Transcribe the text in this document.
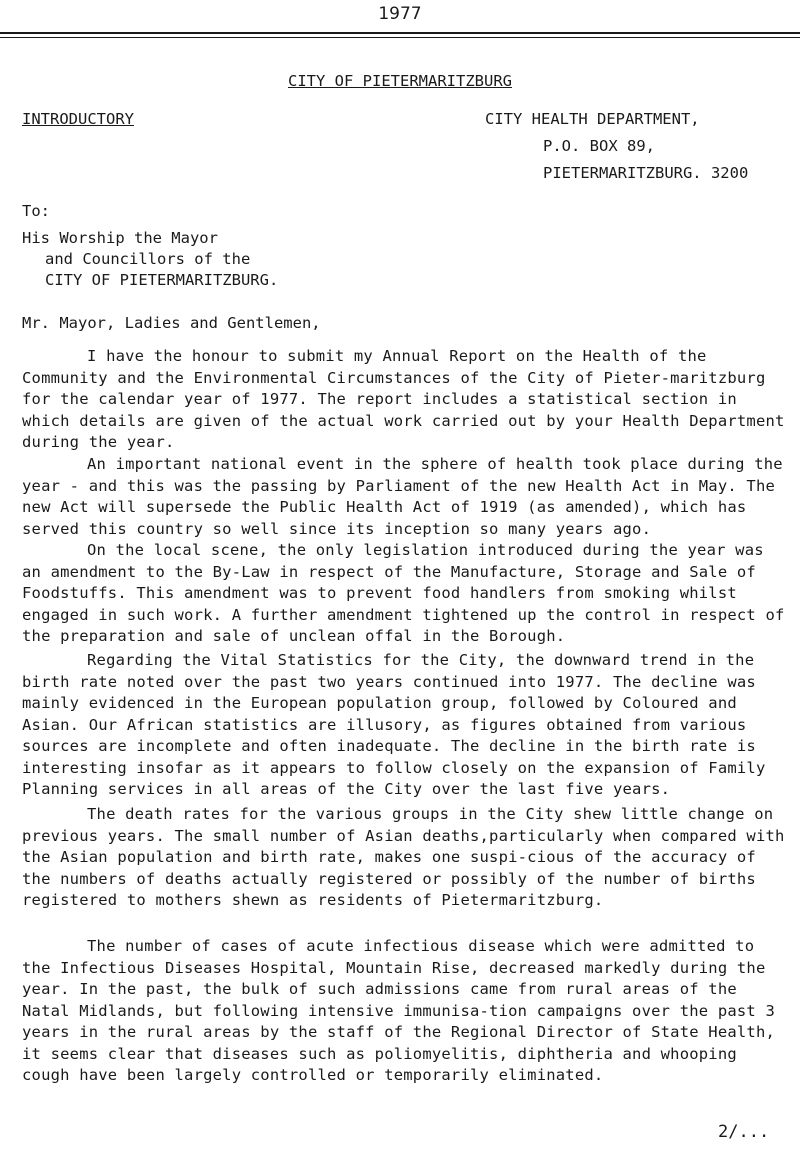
1977
CITY OF PIETERMARITZBURG
INTRODUCTORY	CITY HEALTH DEPARTMENT,
P.O. BOX 89,
PIETERMARITZBURG. 3200
To:
His Worship the Mayor
and Councillors of the
CITY OF PIETERMARITZBURG.
Mr. Mayor, Ladies and Gentlemen,

I have the honour to submit my Annual Report on the Health of the Community and the Environmental Circumstances of the City of Pieter-maritzburg for the calendar year of 1977. The report includes a statistical section in which details are given of the actual work carried out by your Health Department during the year.

An important national event in the sphere of health took place during the year - and this was the passing by Parliament of the new Health Act in May. The new Act will supersede the Public Health Act of 1919 (as amended), which has served this country so well since its inception so many years ago.

On the local scene, the only legislation introduced during the year was an amendment to the By-Law in respect of the Manufacture, Storage and Sale of Foodstuffs. This amendment was to prevent food handlers from smoking whilst engaged in such work. A further amendment tightened up the control in respect of the preparation and sale of unclean offal in the Borough.

Regarding the Vital Statistics for the City, the downward trend in the birth rate noted over the past two years continued into 1977. The decline was mainly evidenced in the European population group, followed by Coloured and Asian. Our African statistics are illusory, as figures obtained from various sources are incomplete and often inadequate. The decline in the birth rate is interesting insofar as it appears to follow closely on the expansion of Family Planning services in all areas of the City over the last five years.

The death rates for the various groups in the City shew little change on previous years. The small number of Asian deaths,particularly when compared with the Asian population and birth rate, makes one suspi-cious of the accuracy of the numbers of deaths actually registered or possibly of the number of births registered to mothers shewn as residents of Pietermaritzburg.

The number of cases of acute infectious disease which were admitted to the Infectious Diseases Hospital, Mountain Rise, decreased markedly during the year. In the past, the bulk of such admissions came from rural areas of the Natal Midlands, but following intensive immunisa-tion campaigns over the past 3 years in the rural areas by the staff of the Regional Director of State Health, it seems clear that diseases such as poliomyelitis, diphtheria and whooping cough have been largely controlled or temporarily eliminated.

2/...
